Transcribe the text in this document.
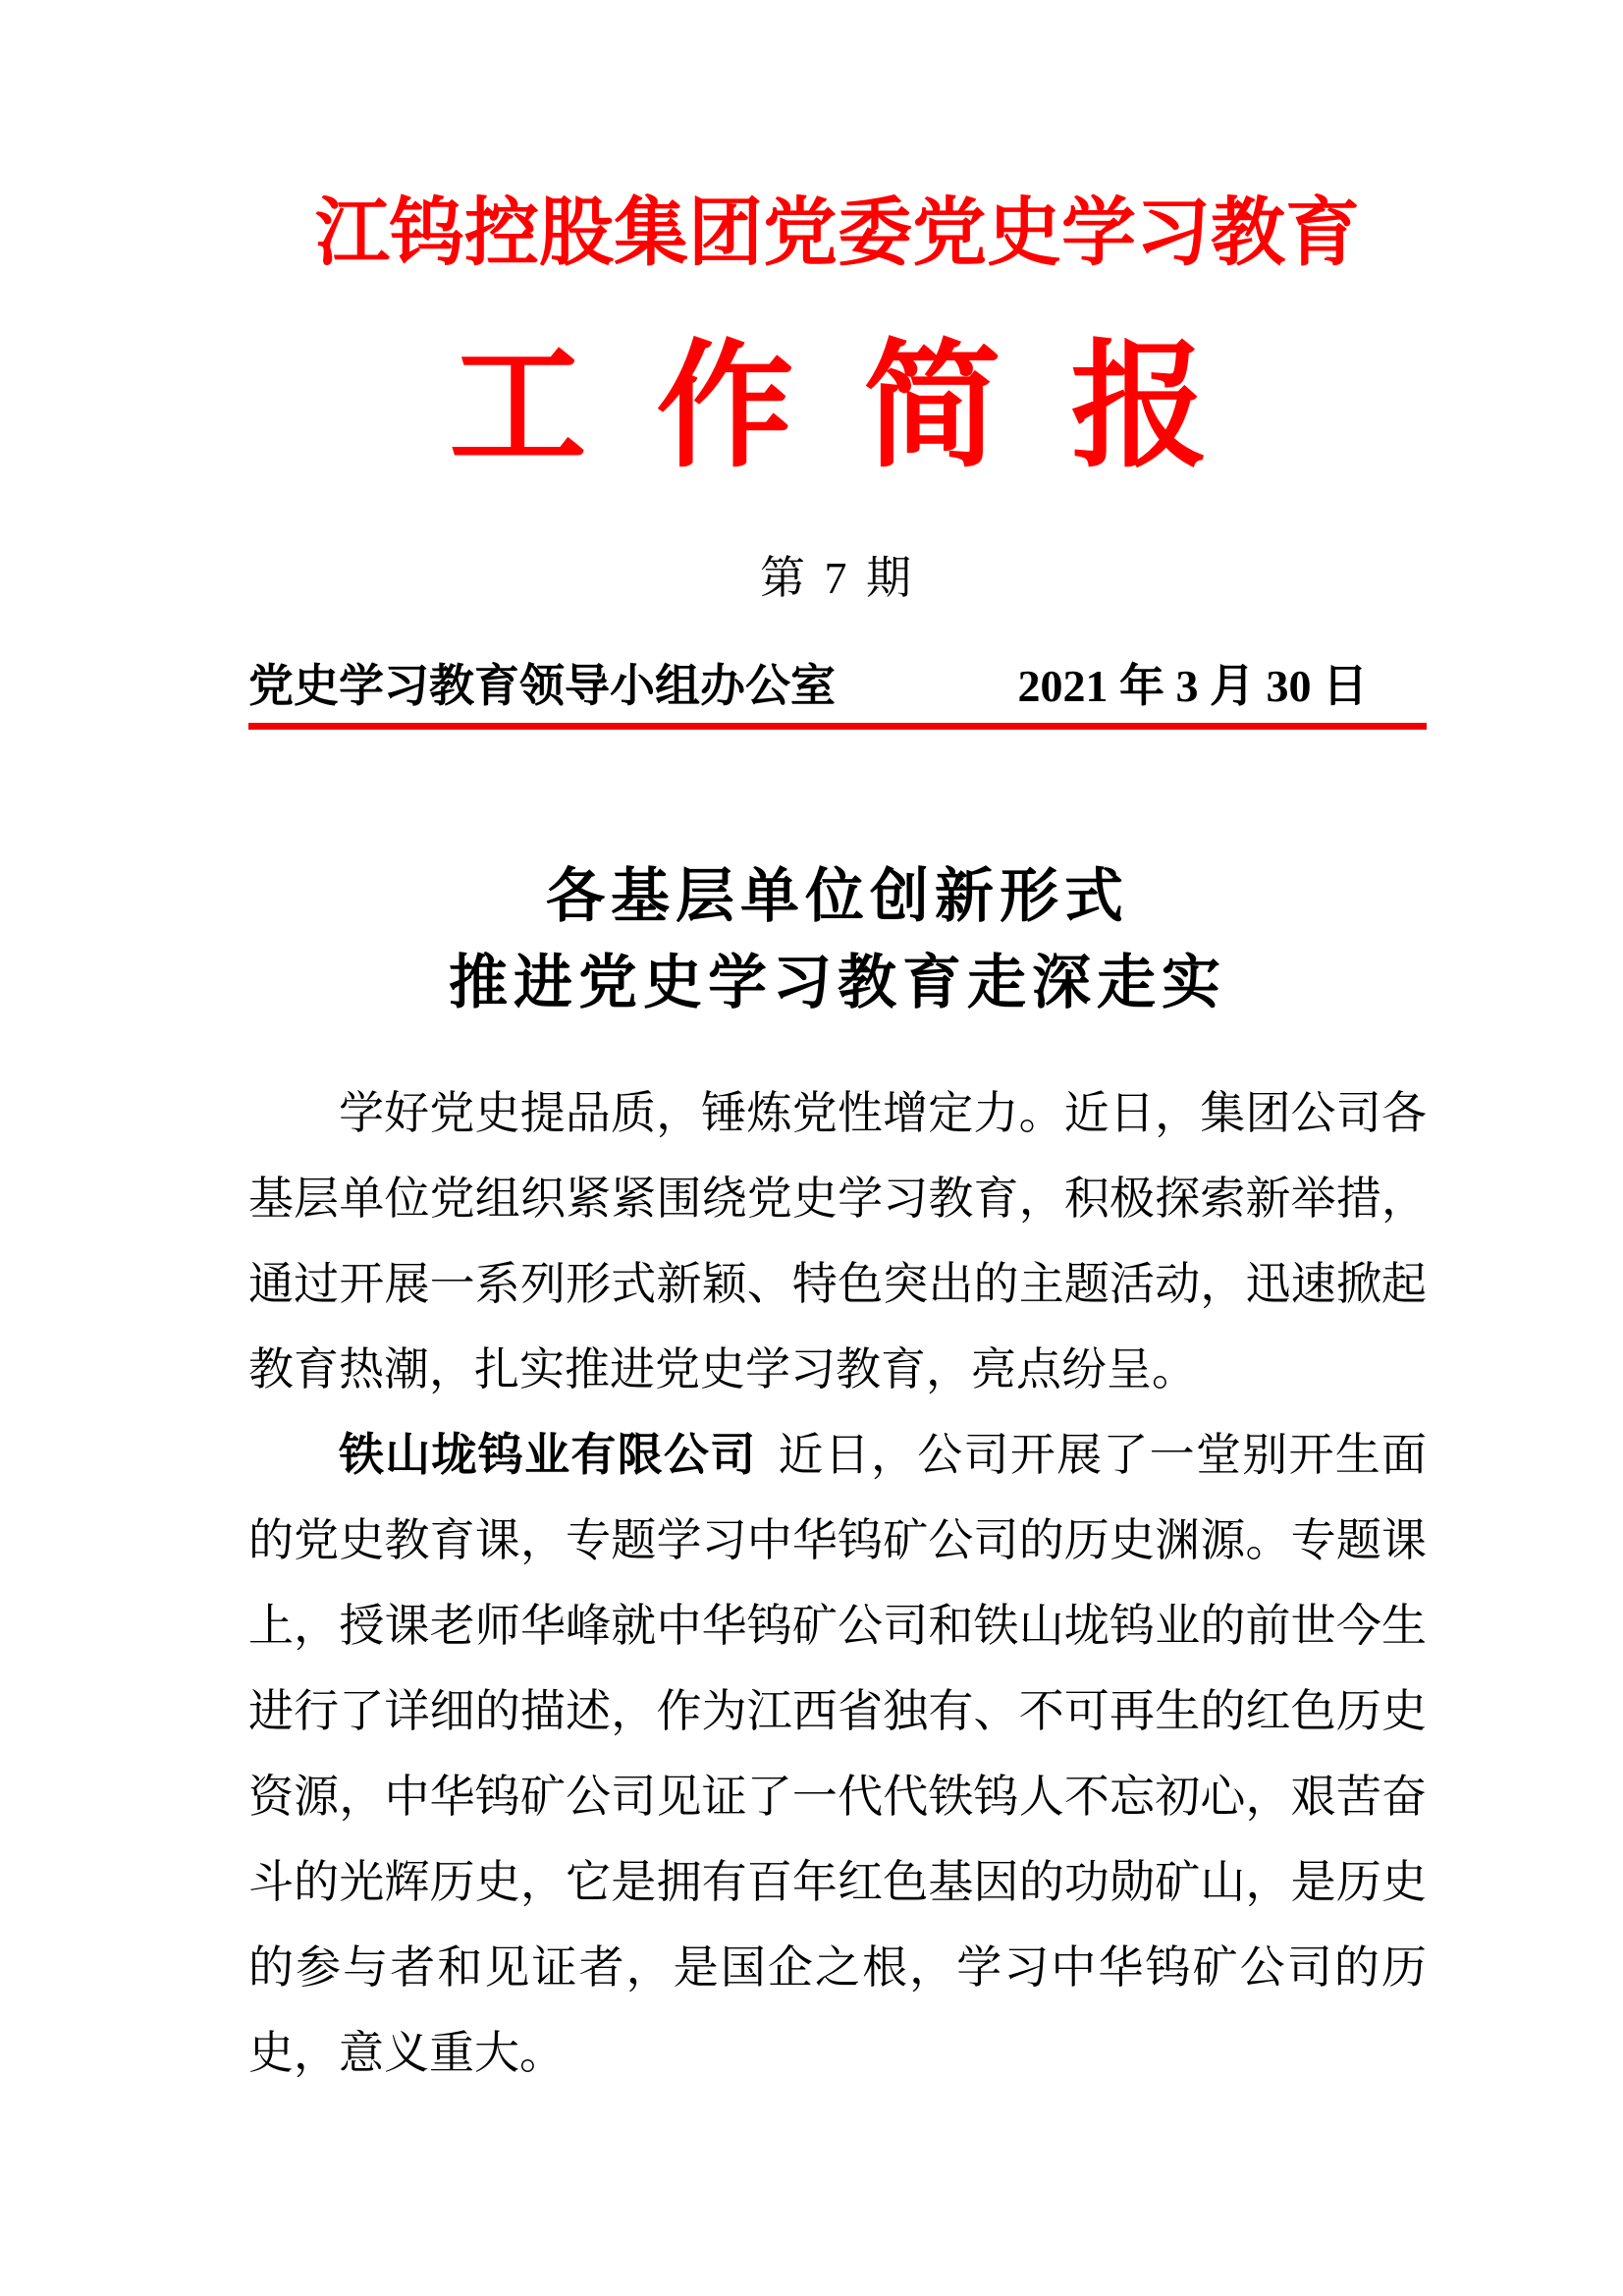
江钨控股集团党委党史学习教育
工 作 简 报
第 7 期
党史学习教育领导小组办公室	2021 年 3 月 30 日
各基层单位创新形式
推进党史学习教育走深走实

学好党史提品质，锤炼党性增定力。近日，集团公司各基层单位党组织紧紧围绕党史学习教育，积极探索新举措，通过开展一系列形式新颖、特色突出的主题活动，迅速掀起教育热潮，扎实推进党史学习教育，亮点纷呈。

铁山垅钨业有限公司 近日，公司开展了一堂别开生面的党史教育课，专题学习中华钨矿公司的历史渊源。专题课上，授课老师华峰就中华钨矿公司和铁山垅钨业的前世今生进行了详细的描述，作为江西省独有、不可再生的红色历史资源，中华钨矿公司见证了一代代铁钨人不忘初心，艰苦奋斗的光辉历史，它是拥有百年红色基因的功勋矿山，是历史的参与者和见证者，是国企之根，学习中华钨矿公司的历史，意义重大。
